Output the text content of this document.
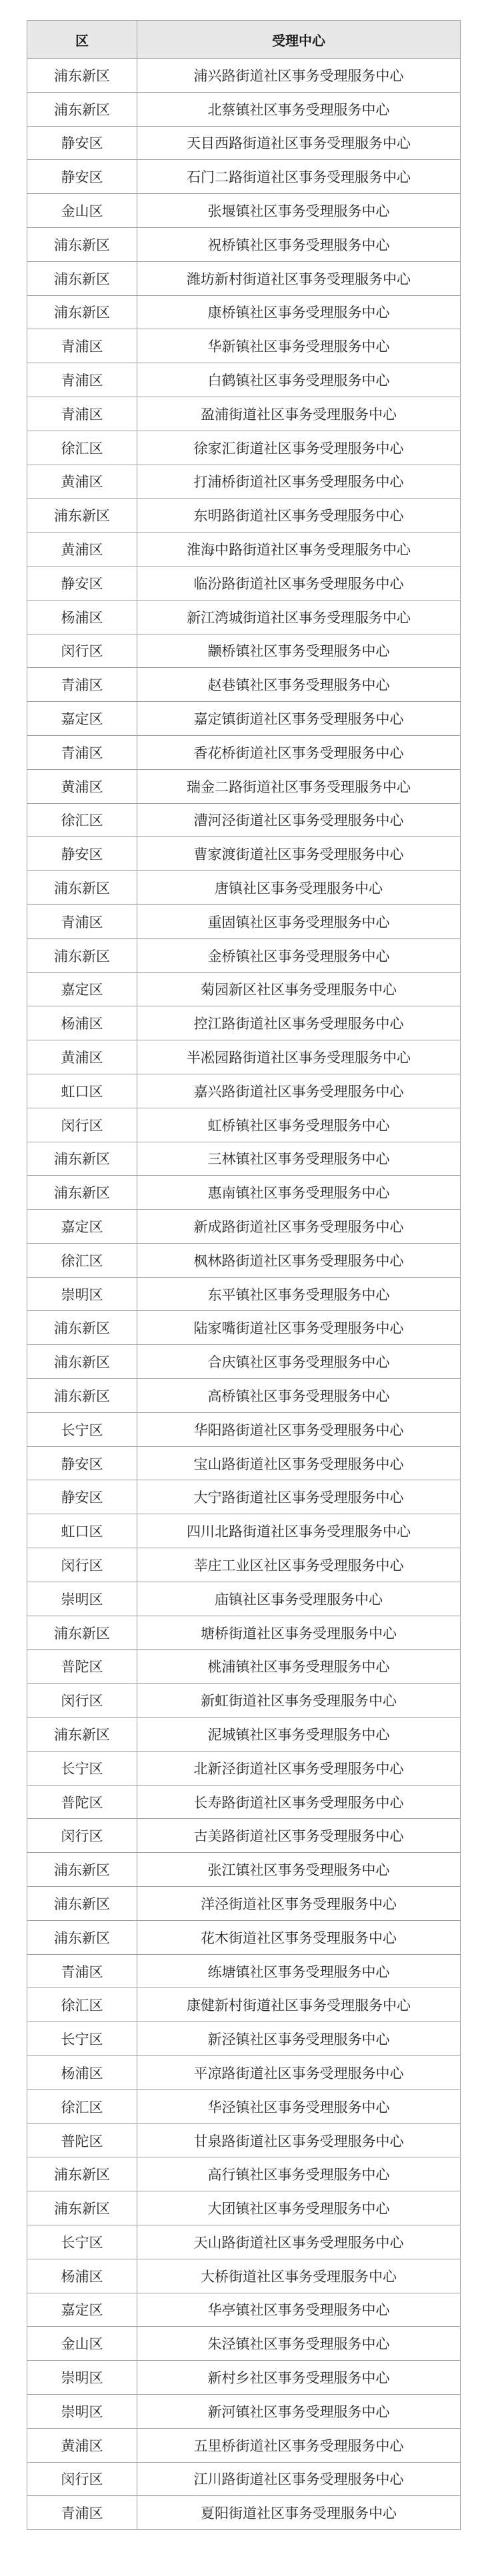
区	受理中心
浦东新区	浦兴路街道社区事务受理服务中心
浦东新区	北蔡镇社区事务受理服务中心
静安区	天目西路街道社区事务受理服务中心
静安区	石门二路街道社区事务受理服务中心
金山区	张堰镇社区事务受理服务中心
浦东新区	祝桥镇社区事务受理服务中心
浦东新区	潍坊新村街道社区事务受理服务中心
浦东新区	康桥镇社区事务受理服务中心
青浦区	华新镇社区事务受理服务中心
青浦区	白鹤镇社区事务受理服务中心
青浦区	盈浦街道社区事务受理服务中心
徐汇区	徐家汇街道社区事务受理服务中心
黄浦区	打浦桥街道社区事务受理服务中心
浦东新区	东明路街道社区事务受理服务中心
黄浦区	淮海中路街道社区事务受理服务中心
静安区	临汾路街道社区事务受理服务中心
杨浦区	新江湾城街道社区事务受理服务中心
闵行区	颛桥镇社区事务受理服务中心
青浦区	赵巷镇社区事务受理服务中心
嘉定区	嘉定镇街道社区事务受理服务中心
青浦区	香花桥街道社区事务受理服务中心
黄浦区	瑞金二路街道社区事务受理服务中心
徐汇区	漕河泾街道社区事务受理服务中心
静安区	曹家渡街道社区事务受理服务中心
浦东新区	唐镇社区事务受理服务中心
青浦区	重固镇社区事务受理服务中心
浦东新区	金桥镇社区事务受理服务中心
嘉定区	菊园新区社区事务受理服务中心
杨浦区	控江路街道社区事务受理服务中心
黄浦区	半凇园路街道社区事务受理服务中心
虹口区	嘉兴路街道社区事务受理服务中心
闵行区	虹桥镇社区事务受理服务中心
浦东新区	三林镇社区事务受理服务中心
浦东新区	惠南镇社区事务受理服务中心
嘉定区	新成路街道社区事务受理服务中心
徐汇区	枫林路街道社区事务受理服务中心
崇明区	东平镇社区事务受理服务中心
浦东新区	陆家嘴街道社区事务受理服务中心
浦东新区	合庆镇社区事务受理服务中心
浦东新区	高桥镇社区事务受理服务中心
长宁区	华阳路街道社区事务受理服务中心
静安区	宝山路街道社区事务受理服务中心
静安区	大宁路街道社区事务受理服务中心
虹口区	四川北路街道社区事务受理服务中心
闵行区	莘庄工业区社区事务受理服务中心
崇明区	庙镇社区事务受理服务中心
浦东新区	塘桥街道社区事务受理服务中心
普陀区	桃浦镇社区事务受理服务中心
闵行区	新虹街道社区事务受理服务中心
浦东新区	泥城镇社区事务受理服务中心
长宁区	北新泾街道社区事务受理服务中心
普陀区	长寿路街道社区事务受理服务中心
闵行区	古美路街道社区事务受理服务中心
浦东新区	张江镇社区事务受理服务中心
浦东新区	洋泾街道社区事务受理服务中心
浦东新区	花木街道社区事务受理服务中心
青浦区	练塘镇社区事务受理服务中心
徐汇区	康健新村街道社区事务受理服务中心
长宁区	新泾镇社区事务受理服务中心
杨浦区	平凉路街道社区事务受理服务中心
徐汇区	华泾镇社区事务受理服务中心
普陀区	甘泉路街道社区事务受理服务中心
浦东新区	高行镇社区事务受理服务中心
浦东新区	大团镇社区事务受理服务中心
长宁区	天山路街道社区事务受理服务中心
杨浦区	大桥街道社区事务受理服务中心
嘉定区	华亭镇社区事务受理服务中心
金山区	朱泾镇社区事务受理服务中心
崇明区	新村乡社区事务受理服务中心
崇明区	新河镇社区事务受理服务中心
黄浦区	五里桥街道社区事务受理服务中心
闵行区	江川路街道社区事务受理服务中心
青浦区	夏阳街道社区事务受理服务中心
